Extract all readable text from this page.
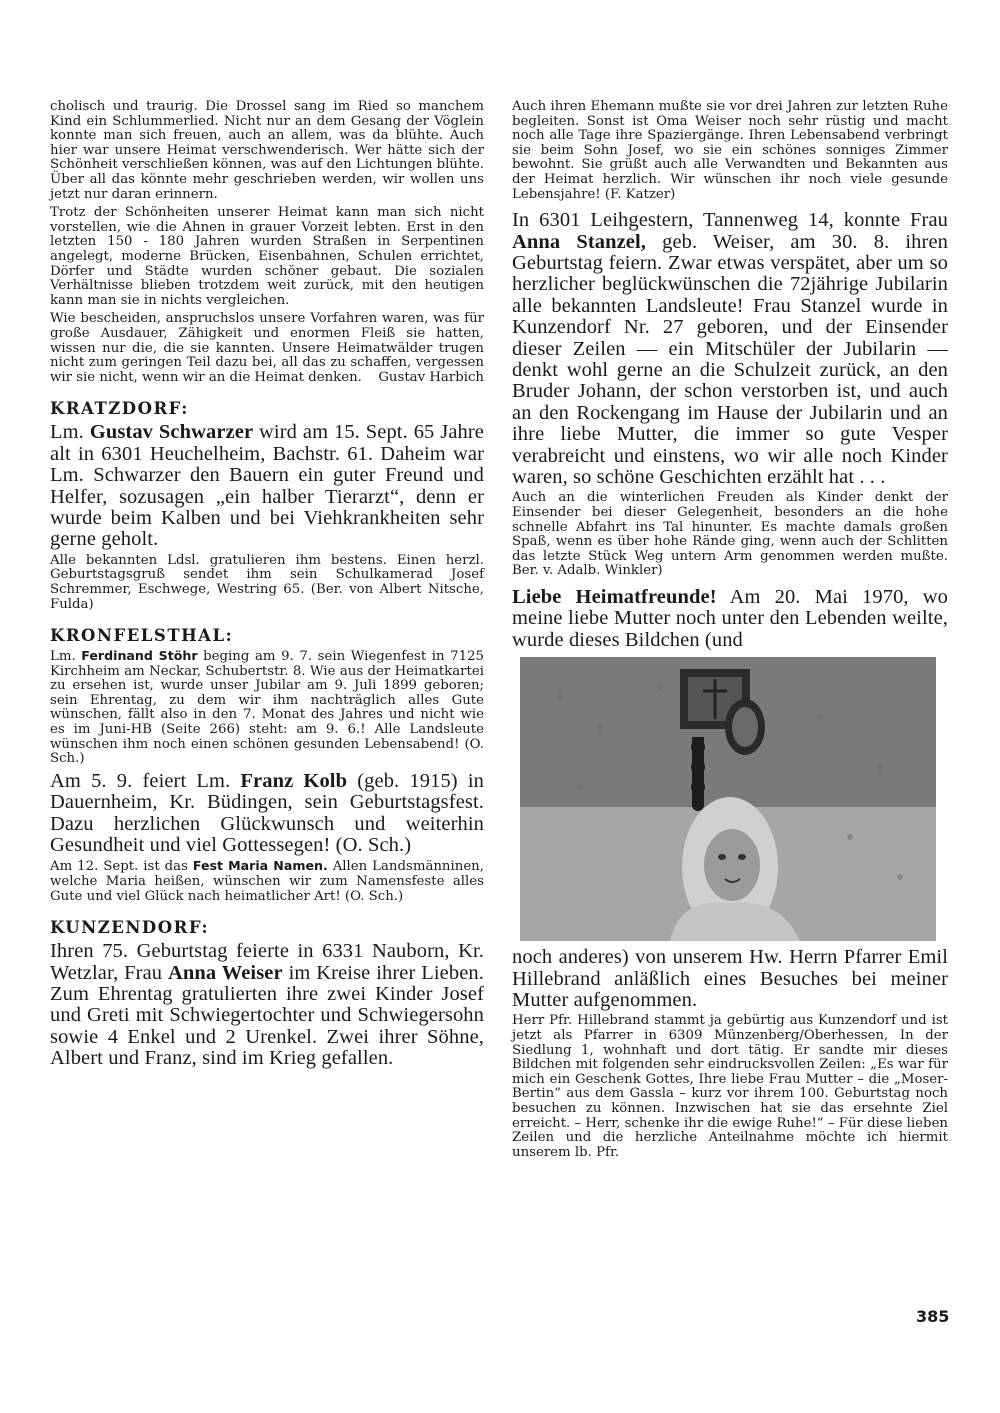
cholisch und traurig. Die Drossel sang im Ried so manchem Kind ein Schlummerlied. Nicht nur an dem Gesang der Vöglein konnte man sich freuen, auch an allem, was da blühte. Auch hier war unsere Heimat verschwenderisch. Wer hätte sich der Schönheit verschließen können, was auf den Lichtungen blühte. Über all das könnte mehr geschrieben werden, wir wollen uns jetzt nur daran erinnern.

Trotz der Schönheiten unserer Heimat kann man sich nicht vorstellen, wie die Ahnen in grauer Vorzeit lebten. Erst in den letzten 150 - 180 Jahren wurden Straßen in Serpentinen angelegt, moderne Brücken, Eisenbahnen, Schulen errichtet, Dörfer und Städte wurden schöner gebaut. Die sozialen Verhältnisse blieben trotzdem weit zurück, mit den heutigen kann man sie in nichts vergleichen.

Wie bescheiden, anspruchslos unsere Vorfahren waren, was für große Ausdauer, Zähigkeit und enormen Fleiß sie hatten, wissen nur die, die sie kannten. Unsere Heimatwälder trugen nicht zum geringen Teil dazu bei, all das zu schaffen, vergessen wir sie nicht, wenn wir an die Heimat denken. Gustav Harbich

KRATZDORF:

Lm. Gustav Schwarzer wird am 15. Sept. 65 Jahre alt in 6301 Heuchelheim, Bachstr. 61. Daheim war Lm. Schwarzer den Bauern ein guter Freund und Helfer, sozusagen „ein halber Tierarzt“, denn er wurde beim Kalben und bei Viehkrankheiten sehr gerne geholt.

Alle bekannten Ldsl. gratulieren ihm bestens. Einen herzl. Geburtstagsgruß sendet ihm sein Schulkamerad Josef Schremmer, Eschwege, Westring 65. (Ber. von Albert Nitsche, Fulda)

KRONFELSTHAL:

Lm. Ferdinand Stöhr beging am 9. 7. sein Wiegenfest in 7125 Kirchheim am Neckar, Schubertstr. 8. Wie aus der Heimatkartei zu ersehen ist, wurde unser Jubilar am 9. Juli 1899 geboren; sein Ehrentag, zu dem wir ihm nachträglich alles Gute wünschen, fällt also in den 7. Monat des Jahres und nicht wie es im Juni-HB (Seite 266) steht: am 9. 6.! Alle Landsleute wünschen ihm noch einen schönen gesunden Lebensabend! (O. Sch.)

Am 5. 9. feiert Lm. Franz Kolb (geb. 1915) in Dauernheim, Kr. Büdingen, sein Geburtstagsfest. Dazu herzlichen Glückwunsch und weiterhin Gesundheit und viel Gottessegen! (O. Sch.)

Am 12. Sept. ist das Fest Maria Namen. Allen Landsmänninen, welche Maria heißen, wünschen wir zum Namensfeste alles Gute und viel Glück nach heimatlicher Art! (O. Sch.)

KUNZENDORF:

Ihren 75. Geburtstag feierte in 6331 Nauborn, Kr. Wetzlar, Frau Anna Weiser im Kreise ihrer Lieben. Zum Ehrentag gratulierten ihre zwei Kinder Josef und Greti mit Schwiegertochter und Schwiegersohn sowie 4 Enkel und 2 Urenkel. Zwei ihrer Söhne, Albert und Franz, sind im Krieg gefallen.

Auch ihren Ehemann mußte sie vor drei Jahren zur letzten Ruhe begleiten. Sonst ist Oma Weiser noch sehr rüstig und macht noch alle Tage ihre Spaziergänge. Ihren Lebensabend verbringt sie beim Sohn Josef, wo sie ein schönes sonniges Zimmer bewohnt. Sie grüßt auch alle Verwandten und Bekannten aus der Heimat herzlich. Wir wünschen ihr noch viele gesunde Lebensjahre! (F. Katzer)

In 6301 Leihgestern, Tannenweg 14, konnte Frau Anna Stanzel, geb. Weiser, am 30. 8. ihren Geburtstag feiern. Zwar etwas verspätet, aber um so herzlicher beglückwünschen die 72jährige Jubilarin alle bekannten Landsleute! Frau Stanzel wurde in Kunzendorf Nr. 27 geboren, und der Einsender dieser Zeilen — ein Mitschüler der Jubilarin — denkt wohl gerne an die Schulzeit zurück, an den Bruder Johann, der schon verstorben ist, und auch an den Rockengang im Hause der Jubilarin und an ihre liebe Mutter, die immer so gute Vesper verabreicht und einstens, wo wir alle noch Kinder waren, so schöne Geschichten erzählt hat . . .

Auch an die winterlichen Freuden als Kinder denkt der Einsender bei dieser Gelegenheit, besonders an die hohe schnelle Abfahrt ins Tal hinunter. Es machte damals großen Spaß, wenn es über hohe Rände ging, wenn auch der Schlitten das letzte Stück Weg untern Arm genommen werden mußte. Ber. v. Adalb. Winkler)

Liebe Heimatfreunde! Am 20. Mai 1970, wo meine liebe Mutter noch unter den Lebenden weilte, wurde dieses Bildchen (und

noch anderes) von unserem Hw. Herrn Pfarrer Emil Hillebrand anläßlich eines Besuches bei meiner Mutter aufgenommen.

Herr Pfr. Hillebrand stammt ja gebürtig aus Kunzendorf und ist jetzt als Pfarrer in 6309 Münzenberg/Oberhessen, In der Siedlung 1, wohnhaft und dort tätig. Er sandte mir dieses Bildchen mit folgenden sehr eindrucksvollen Zeilen: „Es war für mich ein Geschenk Gottes, Ihre liebe Frau Mutter – die „Moser-Bertin“ aus dem Gassla – kurz vor ihrem 100. Geburtstag noch besuchen zu können. Inzwischen hat sie das ersehnte Ziel erreicht. – Herr, schenke ihr die ewige Ruhe!“ – Für diese lieben Zeilen und die herzliche Anteilnahme möchte ich hiermit unserem lb. Pfr.

385
